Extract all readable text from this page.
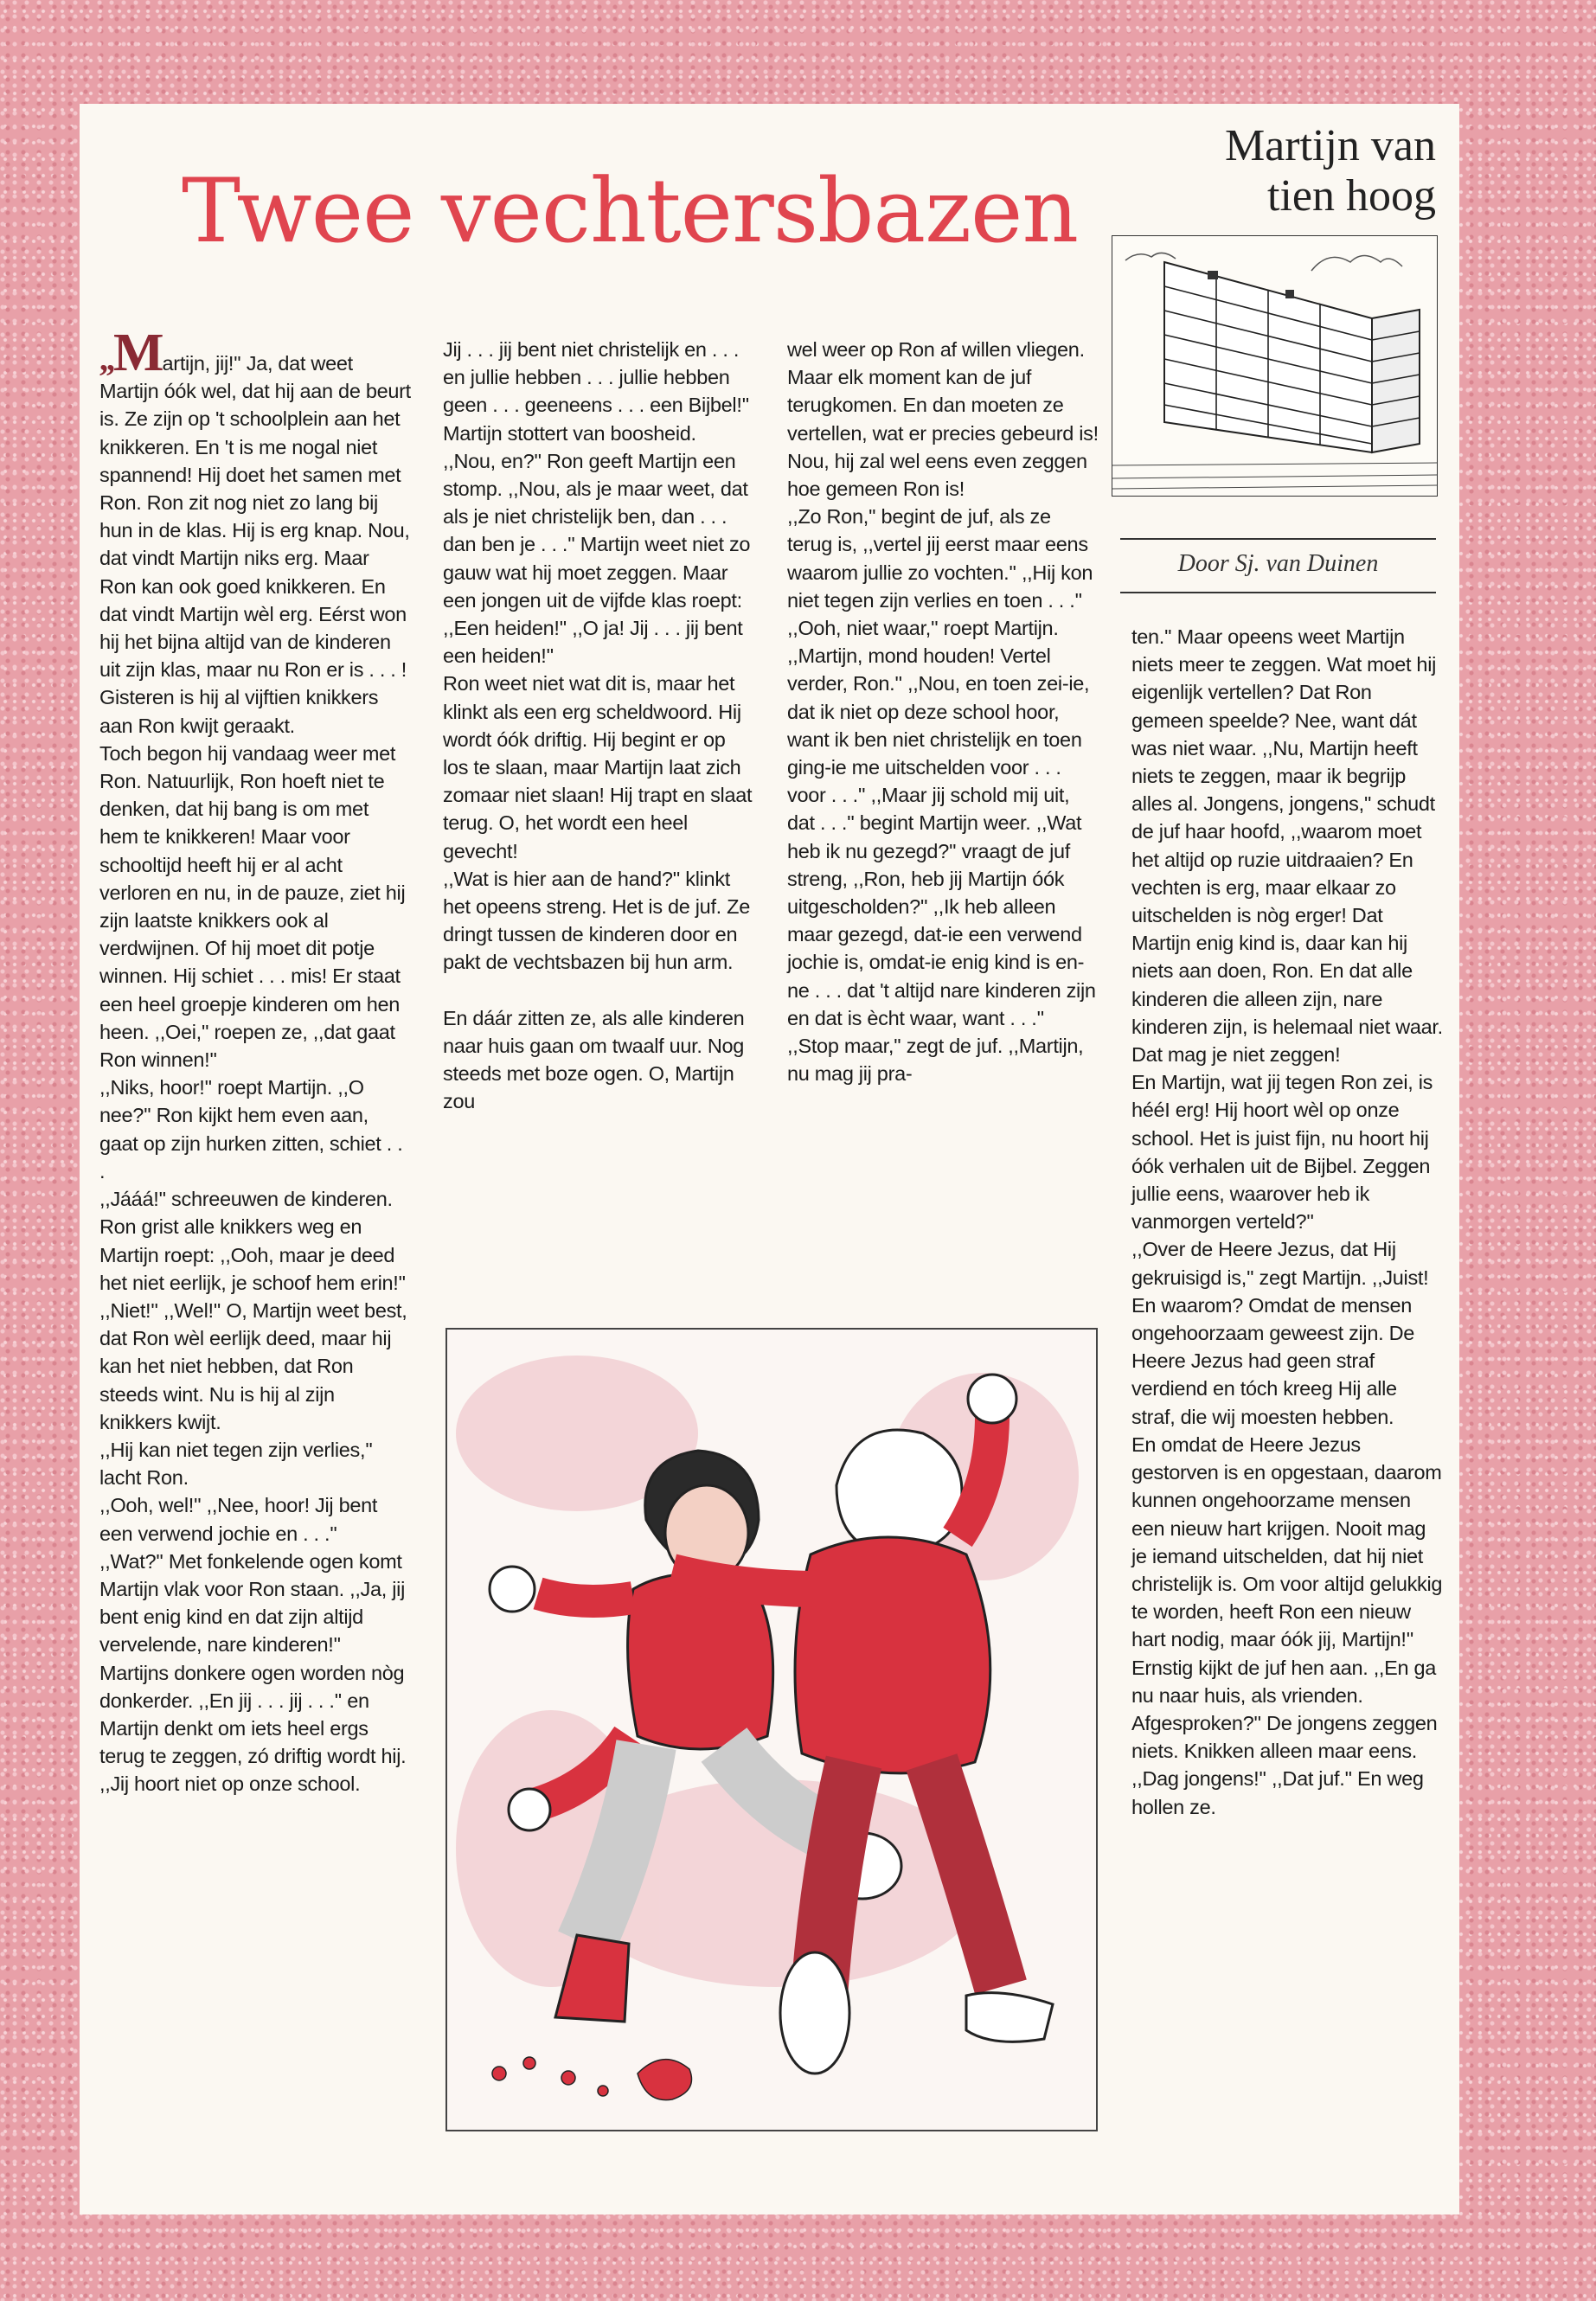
Twee vechtersbazen
Martijn van
tien hoog
Door Sj. van Duinen

,,Martijn, jij!'' Ja, dat weet Martijn óók wel, dat hij aan de beurt is. Ze zijn op 't schoolplein aan het knikkeren. En 't is me nogal niet spannend! Hij doet het samen met Ron. Ron zit nog niet zo lang bij hun in de klas. Hij is erg knap. Nou, dat vindt Martijn niks erg. Maar Ron kan ook goed knikkeren. En dat vindt Martijn wèl erg. Eérst won hij het bijna altijd van de kinderen uit zijn klas, maar nu Ron er is . . . ! Gisteren is hij al vijftien knikkers aan Ron kwijt geraakt.

Toch begon hij vandaag weer met Ron. Natuurlijk, Ron hoeft niet te denken, dat hij bang is om met hem te knikkeren! Maar voor schooltijd heeft hij er al acht verloren en nu, in de pauze, ziet hij zijn laatste knikkers ook al verdwijnen. Of hij moet dit potje winnen. Hij schiet . . . mis! Er staat een heel groepje kinderen om hen heen. ,,Oei,'' roepen ze, ,,dat gaat Ron winnen!''

,,Niks, hoor!'' roept Martijn. ,,O nee?'' Ron kijkt hem even aan, gaat op zijn hurken zitten, schiet . . .

,,Jááá!'' schreeuwen de kinderen. Ron grist alle knikkers weg en Martijn roept: ,,Ooh, maar je deed het niet eerlijk, je schoof hem erin!''

,,Niet!'' ,,Wel!'' O, Martijn weet best, dat Ron wèl eerlijk deed, maar hij kan het niet hebben, dat Ron steeds wint. Nu is hij al zijn knikkers kwijt.

,,Hij kan niet tegen zijn verlies,'' lacht Ron.

,,Ooh, wel!'' ,,Nee, hoor! Jij bent een verwend jochie en . . .''

,,Wat?'' Met fonkelende ogen komt Martijn vlak voor Ron staan. ,,Ja, jij bent enig kind en dat zijn altijd vervelende, nare kinderen!'' Martijns donkere ogen worden nòg donkerder. ,,En jij . . . jij . . .'' en Martijn denkt om iets heel ergs terug te zeggen, zó driftig wordt hij. ,,Jij hoort niet op onze school.

Jij . . . jij bent niet christelijk en . . . en jullie hebben . . . jullie hebben geen . . . geeneens . . . een Bijbel!'' Martijn stottert van boosheid.

,,Nou, en?'' Ron geeft Martijn een stomp. ,,Nou, als je maar weet, dat als je niet christelijk ben, dan . . . dan ben je . . .'' Martijn weet niet zo gauw wat hij moet zeggen. Maar een jongen uit de vijfde klas roept: ,,Een heiden!'' ,,O ja! Jij . . . jij bent een heiden!''

Ron weet niet wat dit is, maar het klinkt als een erg scheldwoord. Hij wordt óók driftig. Hij begint er op los te slaan, maar Martijn laat zich zomaar niet slaan! Hij trapt en slaat terug. O, het wordt een heel gevecht!

,,Wat is hier aan de hand?'' klinkt het opeens streng. Het is de juf. Ze dringt tussen de kinderen door en pakt de vechtsbazen bij hun arm.

En dáár zitten ze, als alle kinderen naar huis gaan om twaalf uur. Nog steeds met boze ogen. O, Martijn zou

wel weer op Ron af willen vliegen. Maar elk moment kan de juf terugkomen. En dan moeten ze vertellen, wat er precies gebeurd is! Nou, hij zal wel eens even zeggen hoe gemeen Ron is!

,,Zo Ron,'' begint de juf, als ze terug is, ,,vertel jij eerst maar eens waarom jullie zo vochten.'' ,,Hij kon niet tegen zijn verlies en toen . . .''

,,Ooh, niet waar,'' roept Martijn. ,,Martijn, mond houden! Vertel verder, Ron.'' ,,Nou, en toen zei-ie, dat ik niet op deze school hoor, want ik ben niet christelijk en toen ging-ie me uitschelden voor . . . voor . . .'' ,,Maar jij schold mij uit, dat . . .'' begint Martijn weer. ,,Wat heb ik nu gezegd?'' vraagt de juf streng, ,,Ron, heb jij Martijn óók uitgescholden?'' ,,Ik heb alleen maar gezegd, dat-ie een verwend jochie is, omdat-ie enig kind is en-ne . . . dat 't altijd nare kinderen zijn en dat is ècht waar, want . . .''

,,Stop maar,'' zegt de juf. ,,Martijn, nu mag jij pra-

ten.'' Maar opeens weet Martijn niets meer te zeggen. Wat moet hij eigenlijk vertellen? Dat Ron gemeen speelde? Nee, want dát was niet waar. ,,Nu, Martijn heeft niets te zeggen, maar ik begrijp alles al. Jongens, jongens,'' schudt de juf haar hoofd, ,,waarom moet het altijd op ruzie uitdraaien? En vechten is erg, maar elkaar zo uitschelden is nòg erger! Dat Martijn enig kind is, daar kan hij niets aan doen, Ron. En dat alle kinderen die alleen zijn, nare kinderen zijn, is helemaal niet waar. Dat mag je niet zeggen!

En Martijn, wat jij tegen Ron zei, is hééI erg! Hij hoort wèl op onze school. Het is juist fijn, nu hoort hij óók verhalen uit de Bijbel. Zeggen jullie eens, waarover heb ik vanmorgen verteld?''

,,Over de Heere Jezus, dat Hij gekruisigd is,'' zegt Martijn. ,,Juist! En waarom? Omdat de mensen ongehoorzaam geweest zijn. De Heere Jezus had geen straf verdiend en tóch kreeg Hij alle straf, die wij moesten hebben.

En omdat de Heere Jezus gestorven is en opgestaan, daarom kunnen ongehoorzame mensen een nieuw hart krijgen. Nooit mag je iemand uitschelden, dat hij niet christelijk is. Om voor altijd gelukkig te worden, heeft Ron een nieuw hart nodig, maar óók jij, Martijn!'' Ernstig kijkt de juf hen aan. ,,En ga nu naar huis, als vrienden. Afgesproken?'' De jongens zeggen niets. Knikken alleen maar eens. ,,Dag jongens!'' ,,Dat juf.'' En weg hollen ze.
